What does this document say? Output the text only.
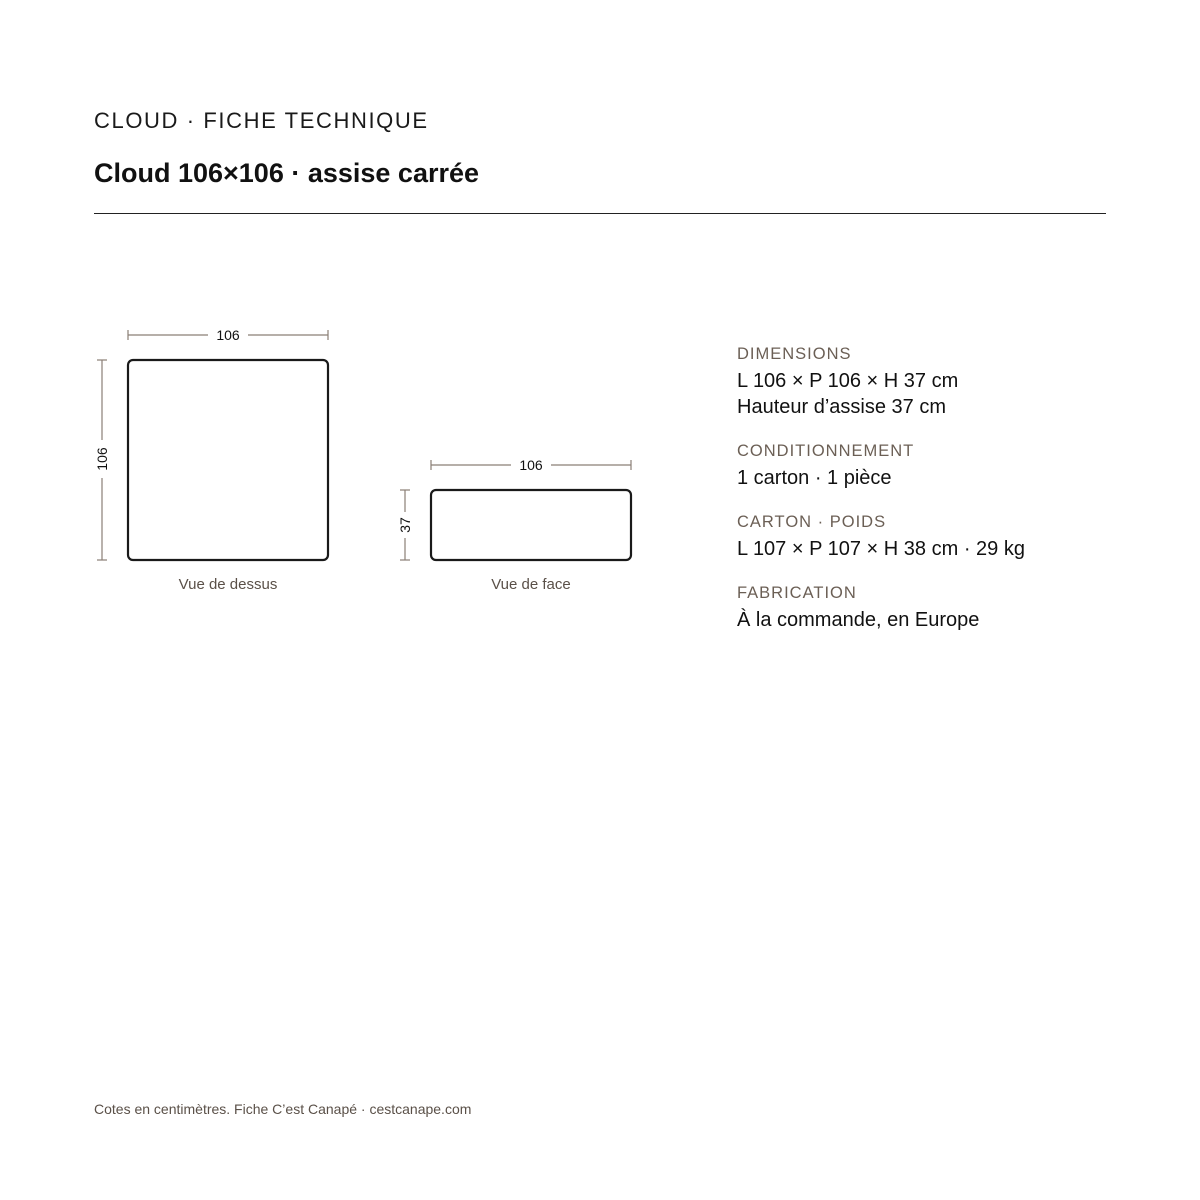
CLOUD · FICHE TECHNIQUE
Cloud 106×106 · assise carrée
106
106
Vue de dessus
106
37
Vue de face
DIMENSIONS
L 106 × P 106 × H 37 cm
Hauteur d’assise 37 cm
CONDITIONNEMENT
1 carton · 1 pièce
CARTON · POIDS
L 107 × P 107 × H 38 cm · 29 kg
FABRICATION
À la commande, en Europe
Cotes en centimètres. Fiche C’est Canapé · cestcanape.com
